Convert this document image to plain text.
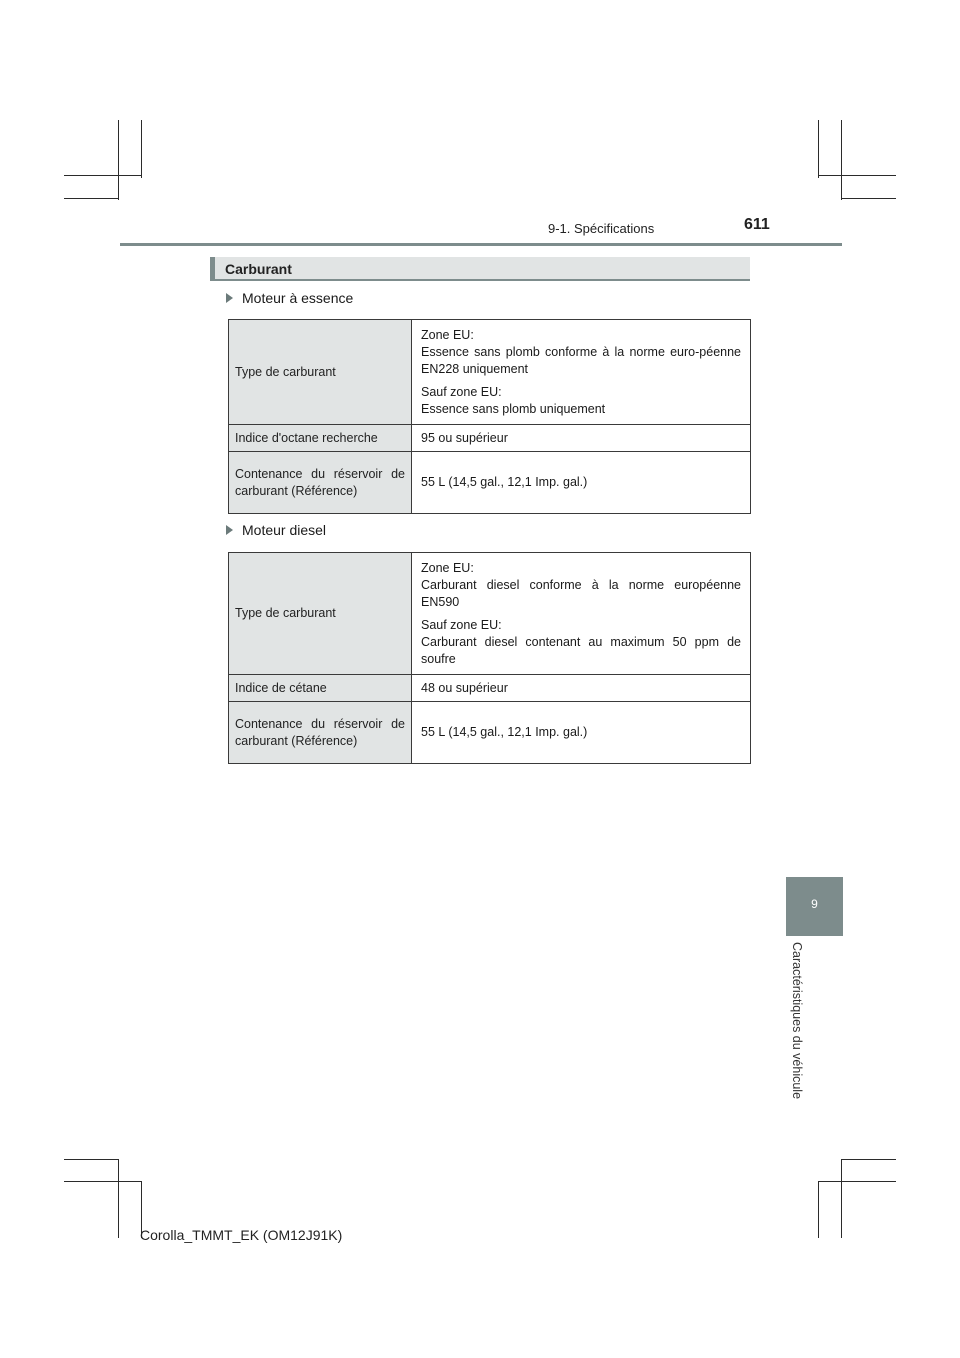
9-1. Spécifications	611
Carburant
Moteur à essence
Type de carburant	Zone EU:
Essence sans plomb conforme à la norme euro-péenne EN228 uniquement

Sauf zone EU:
Essence sans plomb uniquement

Indice d'octane recherche	95 ou supérieur
Contenance du réservoir de carburant (Référence)	55 L (14,5 gal., 12,1 Imp. gal.)
Moteur diesel
Type de carburant	Zone EU:
Carburant diesel conforme à la norme européenne EN590

Sauf zone EU:
Carburant diesel contenant au maximum 50 ppm de soufre

Indice de cétane	48 ou supérieur
Contenance du réservoir de carburant (Référence)	55 L (14,5 gal., 12,1 Imp. gal.)
9
Caractéristiques du véhicule
Corolla_TMMT_EK (OM12J91K)
